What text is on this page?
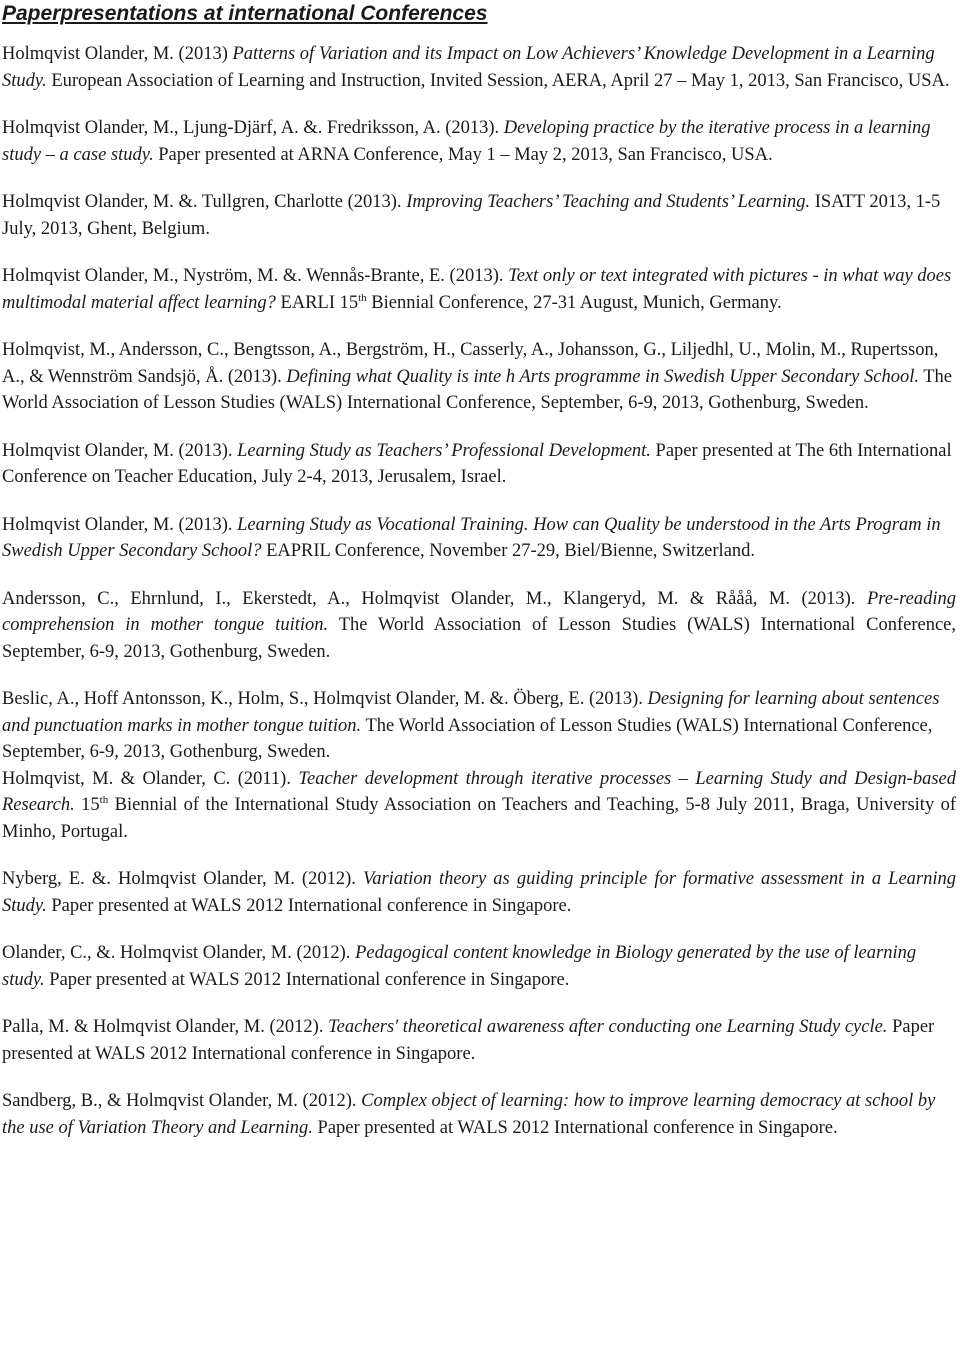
Paperpresentations at international Conferences

Holmqvist Olander, M. (2013) Patterns of Variation and its Impact on Low Achievers’ Knowledge Development in a Learning Study. European Association of Learning and Instruction, Invited Session, AERA, April 27 – May 1, 2013, San Francisco, USA.

Holmqvist Olander, M., Ljung-Djärf, A. &. Fredriksson, A. (2013). Developing practice by the iterative process in a learning study – a case study. Paper presented at ARNA Conference, May 1 – May 2, 2013, San Francisco, USA.

Holmqvist Olander, M. &. Tullgren, Charlotte (2013). Improving Teachers’ Teaching and Students’ Learning. ISATT 2013, 1-5 July, 2013, Ghent, Belgium.

Holmqvist Olander, M., Nyström, M. &. Wennås-Brante, E. (2013). Text only or text integrated with pictures - in what way does multimodal material affect learning? EARLI 15th Biennial Conference, 27-31 August, Munich, Germany.

Holmqvist, M., Andersson, C., Bengtsson, A., Bergström, H., Casserly, A., Johansson, G., Liljedhl, U., Molin, M., Rupertsson, A., & Wennström Sandsjö, Å. (2013). Defining what Quality is inte h Arts programme in Swedish Upper Secondary School. The World Association of Lesson Studies (WALS) International Conference, September, 6-9, 2013, Gothenburg, Sweden.

Holmqvist Olander, M. (2013). Learning Study as Teachers’ Professional Development. Paper presented at The 6th International Conference on Teacher Education, July 2-4, 2013, Jerusalem, Israel.

Holmqvist Olander, M. (2013). Learning Study as Vocational Training. How can Quality be understood in the Arts Program in Swedish Upper Secondary School? EAPRIL Conference, November 27-29, Biel/Bienne, Switzerland.

Andersson, C., Ehrnlund, I., Ekerstedt, A., Holmqvist Olander, M., Klangeryd, M. & Rååå, M. (2013). Pre-reading comprehension in mother tongue tuition. The World Association of Lesson Studies (WALS) International Conference, September, 6-9, 2013, Gothenburg, Sweden.

Beslic, A., Hoff Antonsson, K., Holm, S., Holmqvist Olander, M. &. Öberg, E. (2013). Designing for learning about sentences and punctuation marks in mother tongue tuition. The World Association of Lesson Studies (WALS) International Conference, September, 6-9, 2013, Gothenburg, Sweden.

Holmqvist, M. & Olander, C. (2011). Teacher development through iterative processes – Learning Study and Design-based Research. 15th Biennial of the International Study Association on Teachers and Teaching, 5-8 July 2011, Braga, University of Minho, Portugal.

Nyberg, E. &. Holmqvist Olander, M. (2012). Variation theory as guiding principle for formative assessment in a Learning Study. Paper presented at WALS 2012 International conference in Singapore.

Olander, C., &. Holmqvist Olander, M. (2012). Pedagogical content knowledge in Biology generated by the use of learning study. Paper presented at WALS 2012 International conference in Singapore.

Palla, M. & Holmqvist Olander, M. (2012). Teachers' theoretical awareness after conducting one Learning Study cycle. Paper presented at WALS 2012 International conference in Singapore.

Sandberg, B., & Holmqvist Olander, M. (2012). Complex object of learning: how to improve learning democracy at school by the use of Variation Theory and Learning. Paper presented at WALS 2012 International conference in Singapore.
